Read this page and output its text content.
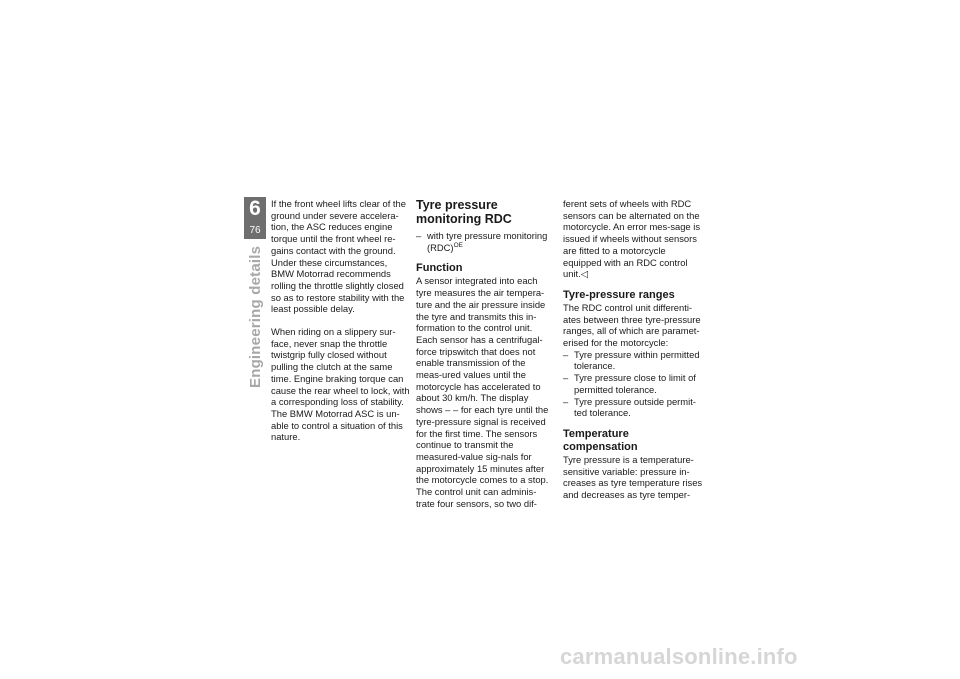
6
76
Engineering details

If the front wheel lifts clear of the ground under severe accelera-tion, the ASC reduces engine torque until the front wheel re-gains contact with the ground. Under these circumstances, BMW Motorrad recommends rolling the throttle slightly closed so as to restore stability with the least possible delay.

When riding on a slippery sur-face, never snap the throttle twistgrip fully closed without pulling the clutch at the same time. Engine braking torque can cause the rear wheel to lock, with a corresponding loss of stability. The BMW Motorrad ASC is un-able to control a situation of this nature.

Tyre pressure monitoring RDC
– with tyre pressure monitoring (RDC)$^{OE}$
Function

A sensor integrated into each tyre measures the air tempera-ture and the air pressure inside the tyre and transmits this in-formation to the control unit. Each sensor has a centrifugal-force tripswitch that does not enable transmission of the meas-ured values until the motorcycle has accelerated to about 30 km/h. The display shows – – for each tyre until the tyre-pressure signal is received for the first time. The sensors continue to transmit the measured-value sig-nals for approximately 15 minutes after the motorcycle comes to a stop.

The control unit can adminis-trate four sensors, so two dif-

ferent sets of wheels with RDC sensors can be alternated on the motorcycle. An error mes-sage is issued if wheels without sensors are fitted to a motorcycle equipped with an RDC control unit.◁

Tyre-pressure ranges

The RDC control unit differenti-ates between three tyre-pressure ranges, all of which are paramet-erised for the motorcycle:

– Tyre pressure within permitted tolerance.
– Tyre pressure close to limit of permitted tolerance.
– Tyre pressure outside permit-ted tolerance.
Temperature compensation

Tyre pressure is a temperature-sensitive variable: pressure in-creases as tyre temperature rises and decreases as tyre temper-

carmanualsonline.info
